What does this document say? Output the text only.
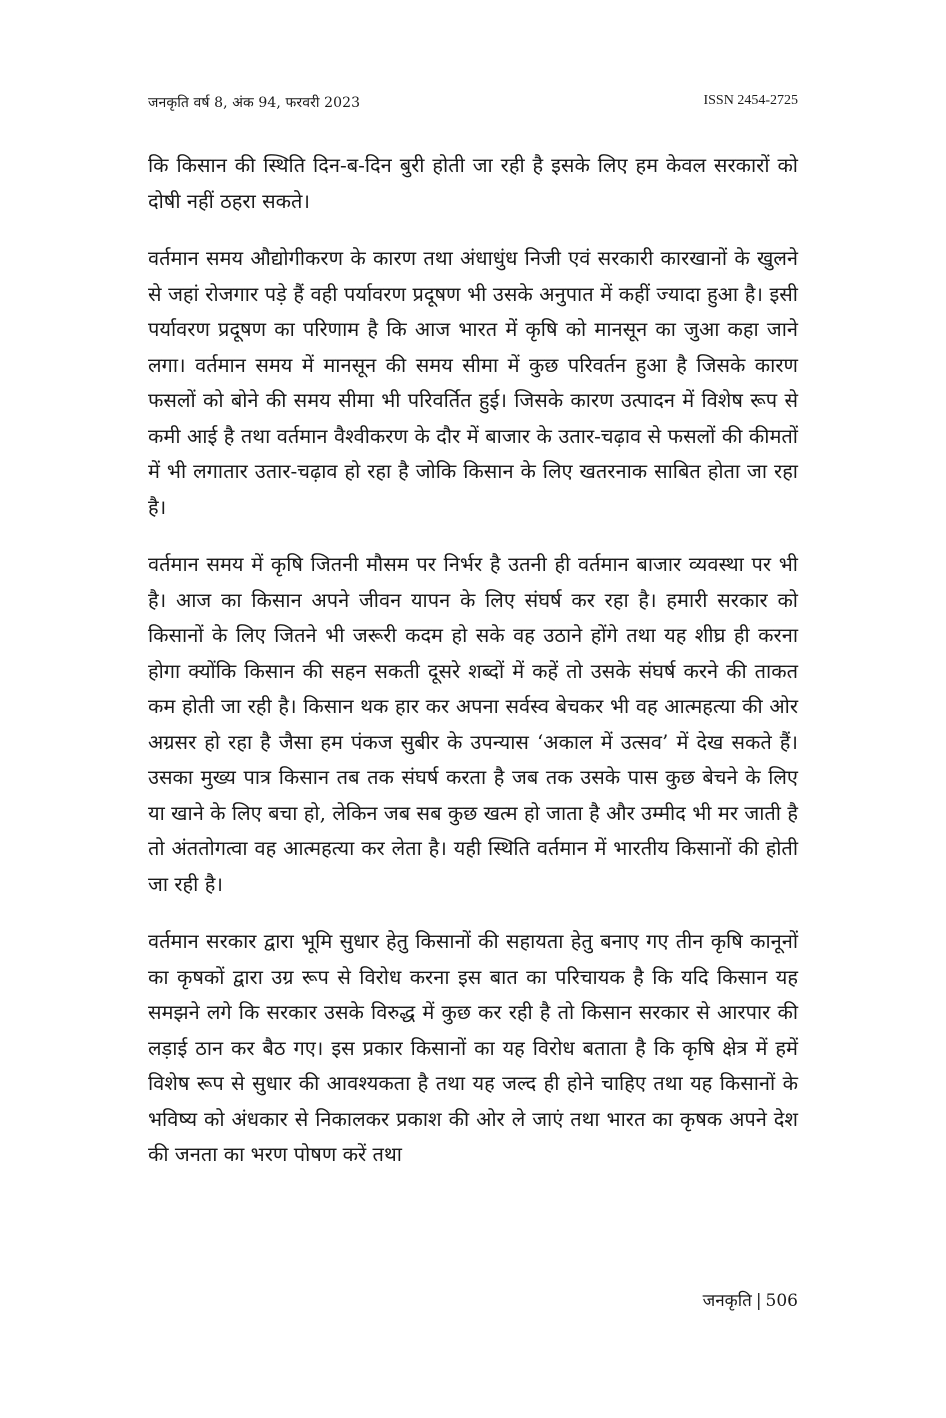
जनकृति वर्ष 8, अंक 94, फरवरी 2023	ISSN 2454-2725

कि किसान की स्थिति दिन-ब-दिन बुरी होती जा रही है इसके लिए हम केवल सरकारों को दोषी नहीं ठहरा सकते।

वर्तमान समय औद्योगीकरण के कारण तथा अंधाधुंध निजी एवं सरकारी कारखानों के खुलने से जहां रोजगार पड़े हैं वही पर्यावरण प्रदूषण भी उसके अनुपात में कहीं ज्यादा हुआ है। इसी पर्यावरण प्रदूषण का परिणाम है कि आज भारत में कृषि को मानसून का जुआ कहा जाने लगा। वर्तमान समय में मानसून की समय सीमा में कुछ परिवर्तन हुआ है जिसके कारण फसलों को बोने की समय सीमा भी परिवर्तित हुई। जिसके कारण उत्पादन में विशेष रूप से कमी आई है तथा वर्तमान वैश्वीकरण के दौर में बाजार के उतार-चढ़ाव से फसलों की कीमतों में भी लगातार उतार-चढ़ाव हो रहा है जोकि किसान के लिए खतरनाक साबित होता जा रहा है।

वर्तमान समय में कृषि जितनी मौसम पर निर्भर है उतनी ही वर्तमान बाजार व्यवस्था पर भी है। आज का किसान अपने जीवन यापन के लिए संघर्ष कर रहा है। हमारी सरकार को किसानों के लिए जितने भी जरूरी कदम हो सके वह उठाने होंगे तथा यह शीघ्र ही करना होगा क्योंकि किसान की सहन सकती दूसरे शब्दों में कहें तो उसके संघर्ष करने की ताकत कम होती जा रही है। किसान थक हार कर अपना सर्वस्व बेचकर भी वह आत्महत्या की ओर अग्रसर हो रहा है जैसा हम पंकज सुबीर के उपन्यास ‘अकाल में उत्सव’ में देख सकते हैं। उसका मुख्य पात्र किसान तब तक संघर्ष करता है जब तक उसके पास कुछ बेचने के लिए या खाने के लिए बचा हो, लेकिन जब सब कुछ खत्म हो जाता है और उम्मीद भी मर जाती है तो अंततोगत्वा वह आत्महत्या कर लेता है। यही स्थिति वर्तमान में भारतीय किसानों की होती जा रही है।

वर्तमान सरकार द्वारा भूमि सुधार हेतु किसानों की सहायता हेतु बनाए गए तीन कृषि कानूनों का कृषकों द्वारा उग्र रूप से विरोध करना इस बात का परिचायक है कि यदि किसान यह समझने लगे कि सरकार उसके विरुद्ध में कुछ कर रही है तो किसान सरकार से आरपार की लड़ाई ठान कर बैठ गए। इस प्रकार किसानों का यह विरोध बताता है कि कृषि क्षेत्र में हमें विशेष रूप से सुधार की आवश्यकता है तथा यह जल्द ही होने चाहिए तथा यह किसानों के भविष्य को अंधकार से निकालकर प्रकाश की ओर ले जाएं तथा भारत का कृषक अपने देश की जनता का भरण पोषण करें तथा

जनकृति | 506
